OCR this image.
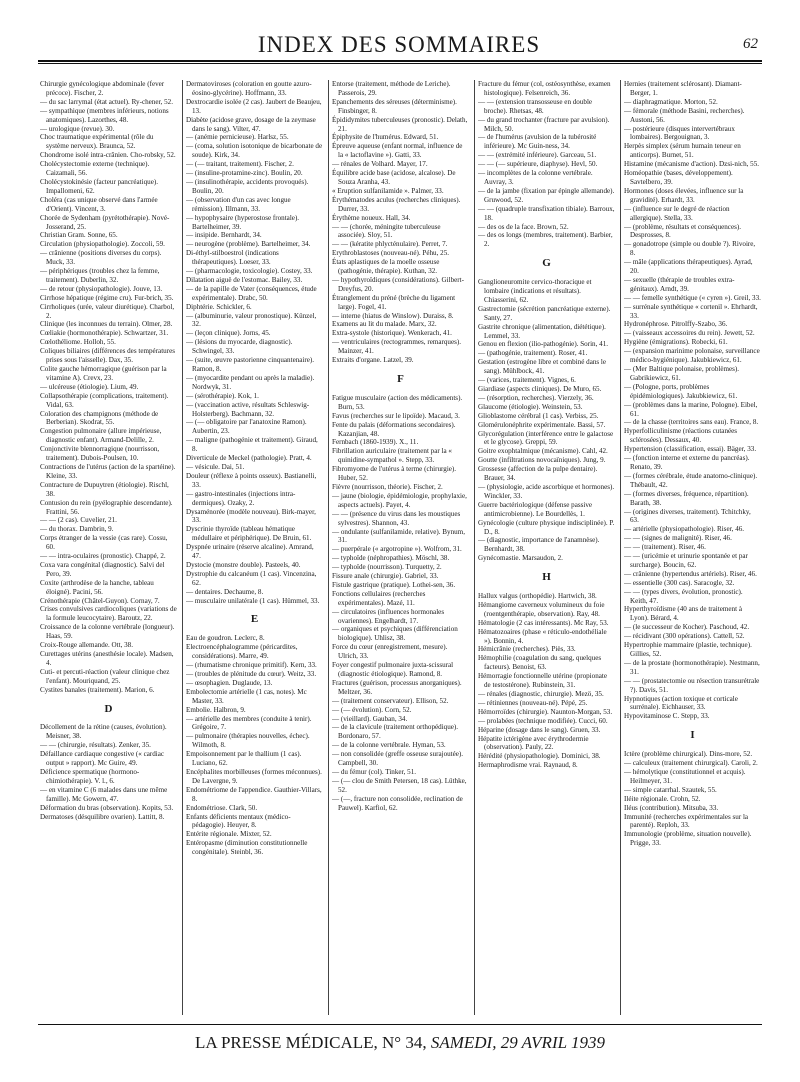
INDEX DES SOMMAIRES	62

Chirurgie gynécologique abdominale (fever précoce). Fischer, 2.

— du sac larrymal (état actuel). Ry-chener, 52.

— sympathique (membres inférieurs, notions anatomiques). Lazorthes, 48.

— urologique (revue). 30.

Choc traumatique expérimental (rôle du système nerveux). Braunca, 52.

Chondrome isolé intra-crânien. Cho-robsky, 52.

Cholécystectomie externe (technique). Caizamali, 56.

Cholécystokinésie (facteur pancréatique). Impallomeni, 62.

Choléra (cas unique observé dans l'armée d'Orient). Vincent, 3.

Chorée de Sydenham (pyrétothérapie). Nové-Josserand, 25.

Christian Gram. Sonne, 65.

Circulation (physiopathologie). Zoccoli, 59.

— crânienne (positions diverses du corps). Muck, 33.

— périphériques (troubles chez la femme, traitement). Duberlin, 32.

— de retour (physiopathologie). Jouve, 13.

Cirrhose hépatique (régime cru). Fur-brich, 35.

Cirrholiques (urée, valeur diurétique). Charbol, 2.

Clinique (les inconnues du terrain). Olmer, 28.

Cœliakie (hormonothérapie). Schwartzer, 31.

Cœlothéliome. Holloh, 55.

Coliques biliaires (différences des températures prises sous l'aisselle). Dax, 35.

Colite gauche hémorragique (guérison par la vitamine A). Crevx, 23.

— ulcéreuse (étiologie). Lium, 49.

Collapsothérapie (complications, traitement). Vidal, 63.

Coloration des champignons (méthode de Berberian). Skodrat, 55.

Congestion pulmonaire (allure impérieuse, diagnostic enfant). Armand-Delille, 2.

Conjonctivite blennorragique (nourrisson, traitement). Dubois-Poulsen, 10.

Contractions de l'utérus (action de la spartéine). Kleine, 33.

Contracture de Dupuytren (étiologie). Rischl, 38.

Contusion du rein (pyélographie descendante). Frattini, 56.

— — (2 cas). Cuvelier, 21.

— du thorax. Dambrin, 9.

Corps étranger de la vessie (cas rare). Cossu, 60.

— — intra-oculaires (pronostic). Chappé, 2.

Coxa vara congénital (diagnostic). Salvi del Pero, 39.

Coxite (arthrodèse de la hanche, tableau éloigné). Pacini, 56.

Crénothérapie (Châtel-Guyon). Cornay, 7.

Crises convulsives cardiocoliques (variations de la formule leucocytaire). Baroutz, 22.

Croissance de la colonne vertébrale (longueur). Haas, 59.

Croix-Rouge allemande. Ott, 38.

Curettages utérins (anesthésie locale). Madsen, 4.

Cuti- et percuti-réaction (valeur clinique chez l'enfant). Mouriquand, 25.

Cystites banales (traitement). Marion, 6.

D

Décollement de la rétine (causes, évolution). Meisner, 38.

— — (chirurgie, résultats). Zenker, 35.

Défaillance cardiaque congestive (« cardiac output » rapport). Mc Guire, 49.

Déficience spermatique (hormono-chimiothérapie). V. l., 6.

— en vitamine C (6 malades dans une même famille). Mc Gowern, 47.

Déformation du bras (observation). Kopits, 53.

Dermatoses (désquilibre ovarien). Lattitt, 8.

Dermatoviroses (coloration en goutte azuro-éosino-glycérine). Hoffmann, 33.

Dextrocardie isolée (2 cas). Jaubert de Beaujeu, 13.

Diabète (acidose grave, dosage de la zeymase dans le sang). Vilter, 47.

— (anémie pernicieuse). Harlsz, 55.

— (coma, solution isotonique de bicarbonate de soude). Kirk, 34.

— (— traitant, traitement). Fischer, 2.

— (insuline-protamine-zinc). Boulin, 20.

— (insulinothérapie, accidents provoqués). Boulin, 20.

— (observation d'un cas avec longue rémission). Illmann, 33.

— hypophysaire (hyperostose frontale). Bartelheimer, 39.

— insipide. Bernhardt, 34.

— neurogène (problème). Bartelheimer, 34.

Di-éthyl-stilboestrol (indications thérapeutiques). Loeser, 33.

— (pharmacologie, toxicologie). Costey, 33.

Dilatation aiguë de l'estomac. Bailey, 33.

— de la papille de Vater (conséquences, étude expérimentale). Drabc, 50.

Diphtérie. Schickler, 6.

— (albuminurie, valeur pronostique). Künzel, 32.

— (leçon clinique). Jorns, 45.

— (lésions du myocarde, diagnostic). Schwingel, 33.

— (suite, œuvre pastorienne cinquantenaire). Ramon, 8.

— (myocardite pendant ou après la maladie). Nordwyk, 31.

— (sérothérapie). Kok, 1.

— (vaccination active, résultats Schleswig-Holsterberg). Bachmann, 32.

— (— obligatoire par l'anatoxine Ramon). Aubertin, 23.

— maligne (pathogénie et traitement). Giraud, 8.

Diverticule de Meckel (pathologie). Pratt, 4.

— vésicule. Dai, 51.

Douleur (réflexe à points osseux). Bastianelli, 33.

— gastro-intestinales (injections intra-dermiques). Ozaky, 2.

Dysaménorée (modèle nouveau). Birk-mayer, 33.

Dyscrinie thyroïde (tableau hématique médullaire et périphérique). De Bruin, 61.

Dyspnée urinaire (réserve alcaline). Amrand, 47.

Dystocie (monstre double). Pasteels, 40.

Dystrophie du calcanéum (1 cas). Vincenzina, 62.

— dentaires. Dechaume, 8.

— musculaire unilatérale (1 cas). Hümmel, 33.

E

Eau de goudron. Leclerc, 8.

Electroencéphalogramme (péricardites, considérations). Marre, 49.

— (rhumatisme chronique primitif). Kern, 33.

— (troubles de plénitude du cœur). Weitz, 33.

— œsophagien. Duglaude, 13.

Embolectomie artérielle (1 cas, notes). Mc Master, 33.

Embolie. Halbron, 9.

— artérielle des membres (conduite à tenir). Grégoire, 7.

— pulmonaire (thérapies nouvelles, échec). Wilmoth, 8.

Empoisonnement par le thallium (1 cas). Luciano, 62.

Encéphalites morbilleuses (formes méconnues). De Lavergne, 9.

Endométriome de l'appendice. Gauthier-Villars, 8.

Endométriose. Clark, 50.

Enfants déficients mentaux (médico-pédagogie). Heuyer, 8.

Entérite régionale. Mixter, 52.

Entéropasme (diminution constitutionnelle congénitale). Steinbl, 36.

Entorse (traitement, méthode de Leriche). Passerois, 29.

Epanchements des séreuses (déterminisme). Finsbinger, 8.

Épididymites tuberculeuses (pronostic). Delath, 21.

Épiphysite de l'humérus. Edward, 51.

Épreuve aqueuse (enfant normal, influence de la « lactoflavine »). Gatti, 33.

— rénales de Volhard. Mayer, 17.

Équilibre acide base (acidose, alcalose). De Souza Aranha, 43.

« Eruption sulfanilamide ». Palmer, 33.

Érythématodes aculus (recherches cliniques). Durrer, 33.

Érythème noueux. Hall, 34.

— — (chorée, méningite tuberculeuse associée). Sloy, 51.

— — (kératite phlycténulaire). Perret, 7.

Erythroblastoses (nouveau-né). Péhu, 25.

États aplastiques de la moelle osseuse (pathogénie, thérapie). Kuthan, 32.

— hypothyroïdiques (considérations). Gilbert-Dreyfus, 20.

Étranglement du préné (brèche du ligament large). Fogel, 41.

— interne (hiatus de Winslow). Duraiss, 8.

Examens au lit du malade. Marx, 32.

Extra-systole (historique). Wenkerach, 41.

— ventriculaires (rectogrammes, remarques). Mainzer, 41.

Extraits d'organe. Latzel, 39.

F

Fatigue musculaire (action des médicaments). Burn, 53.

Favus (recherches sur le lipoïde). Macaud, 3.

Fente du palais (déformations secondaires). Kazanjian, 48.

Fernbach (1860-1939). X., 11.

Fibrillation auriculaire (traitement par la « quinidine-sympathol ». Stepp, 33.

Fibromyome de l'utérus à terme (chirurgie). Huber, 52.

Fièvre (nourrisson, théorie). Fischer, 2.

— jaune (biologie, épidémiologie, prophylaxie, aspects actuels). Payet, 4.

— — (présence du virus dans les moustiques sylvestres). Shannon, 43.

— ondulante (sulfanilamide, relative). Bynum, 31.

— puerpérale (« argotropine »). Wolfrom, 31.

— typhoïde (néphropathies). Möschl, 38.

— typhoïde (nourrisson). Turquetty, 2.

Fissure anale (chirurgie). Gabriel, 33.

Fistule gastrique (pratique). Lothei-sen, 36.

Fonctions cellulaires (recherches expérimentales). Mazé, 11.

— circulatoires (influences hormonales ovariennes). Engelhardt, 17.

— organiques et psychiques (différenciation biologique). Uhlisz, 38.

Force du cœur (enregistrement, mesure). Ulrich, 33.

Foyer congestif pulmonaire juxta-scissural (diagnostic étiologique). Ramond, 8.

Fractures (guérison, processus anorganiques). Meltzer, 36.

— (traitement conservateur). Ellison, 52.

— (— évolution). Corn, 52.

— (vieillard). Gauban, 34.

— de la clavicule (traitement orthopédique). Bordonaro, 57.

— de la colonne vertébrale. Hyman, 53.

— non consolidée (greffe osseuse surajoutée). Campbell, 30.

— du fémur (col). Tinker, 51.

— (— clou de Smith Petersen, 18 cas). Lüthke, 52.

— (—, fracture non consolidée, reclination de Pauwel). Karfiol, 62.

Fracture du fémur (col, ostéosynthèse, examen histologique). Felsenreich, 36.

— — (extension transosseuse en double broche). Rhetsas, 48.

— du grand trochanter (fracture par avulsion). Milch, 50.

— de l'humérus (avulsion de la tubérosité inférieure). Mc Guin-ness, 34.

— — (extrémité inférieure). Garceau, 51.

— — (— supérieure, diaphyse). Hevl, 50.

— incomplètes de la colonne vertébrale. Auvray, 3.

— de la jambe (fixation par épingle allemande). Gruwood, 52.

— — (quadruple transfixation tibiale). Barroux, 18.

— des os de la face. Brown, 52.

— des os longs (membres, traitement). Barbier, 2.

G

Ganglioneuromite cervico-thoracique et lombaire (indications et résultats). Chiasserini, 62.

Gastrectomie (sécrétion pancréatique externe). Santy, 27.

Gastrite chronique (alimentation, diététique). Lemmel, 33.

Genou en flexion (ilio-pathogénie). Sorin, 41.

— (pathogénie, traitement). Roser, 41.

Gestation (estrogène libre et combiné dans le sang). Mühlbock, 41.

— (varices, traitement). Vignes, 6.

Giardiase (aspects cliniques). De Muro, 65.

— (résorption, recherches). Vierzely, 36.

Glaucome (étiologie). Weinstein, 53.

Glioblastome cérébral (1 cas). Verbiss, 25.

Glomérulonéphrite expérimentale. Bassi, 57.

Glycorégulation (interférence entre le galactose et le glycose). Greppi, 59.

Goitre exophtalmique (mécanisme). Cahl, 42.

Goutte (infiltrations novocaïniques). Jung, 9.

Grossesse (affection de la pulpe dentaire). Brauer, 34.

— (physiologie, acide ascorbique et hormones). Winckler, 33.

Guerre bactériologique (défense passive antimicrobienne). Le Bourdellès, 1.

Gynécologie (culture physique indisciplinée). P. D., 8.

— (diagnostic, importance de l'anamnèse). Bernhardt, 38.

Gynécomastie. Marsaudon, 2.

H

Hallux valgus (orthopédie). Hartwich, 38.

Hémangiome caverneux volumineux du foie (roentgenthérapie, observation). Ray, 48.

Hématologie (2 cas intéressants). Mc Ray, 53.

Hématozoaires (phase « réticulo-endothéliale »). Bonnin, 4.

Hémicrânie (recherches). Piès, 33.

Hémophilie (coagulation du sang, quelques facteurs). Benoist, 63.

Hémorragie fonctionnelle utérine (propionate de testostérone). Rubinstein, 31.

— rénales (diagnostic, chirurgie). Mezö, 35.

— rétiniennes (nouveau-né). Pépé, 25.

Hémorroïdes (chirurgie). Naunton-Morgan, 53.

— prolabées (technique modifiée). Cucci, 60.

Héparine (dosage dans le sang). Gruen, 33.

Hépatite ictérigène avec érythrodermie (observation). Pauly, 22.

Hérédité (physiopathologie). Dominici, 38.

Hermaphrodisme vrai. Raynaud, 8.

Hernies (traitement sclérosant). Diamant-Berger, 1.

— diaphragmatique. Morton, 52.

— fémorale (méthode Basini, recherches). Austoni, 56.

— postérieure (disques intervertébraux lombaires). Bergouignan, 3.

Herpès simplex (sérum humain teneur en anticorps). Burnet, 51.

Histamine (mécanisme d'action). Dzsi-nich, 55.

Homéopathie (bases, développement). Savtelbero, 39.

Hormones (doses élevées, influence sur la gravidité). Erhardt, 33.

— (influence sur le degré de réaction allergique). Stella, 33.

— (problème, résultats et conséquences). Desprosses, 8.

— gonadotrope (simple ou double ?). Rivoire, 8.

— mâle (applications thérapeutiques). Ayrad, 20.

— sexuelle (thérapie de troubles extra-génitaux). Arndt, 39.

— — femelle synthétique (« cyren »). Greil, 33.

— surrénale synthétique « cortenil ». Ehrhardt, 33.

Hydronéphrose. Pitrolffy-Szabo, 36.

— (vaisseaux accessoires du rein). Jewett, 52.

Hygiène (émigrations). Robecki, 61.

— (expansion marinime polonaise, surveillance médico-hygiénique). Jakubkiewicz, 61.

— (Mer Baltique polonaise, problèmes). Gabrikiewicz, 61.

— (Pologne, ports, problèmes épidémiologiques). Jakubkiewicz, 61.

— (problèmes dans la marine, Pologne). Eibel, 61.

— de la chasse (territoires sans eau). France, 8.

Hyperfolliculinisme (réactions cutanées sclérosées). Dessaux, 40.

Hypertension (classification, essai). Bäger, 33.

— (fonction interne et externe du pancréas). Renato, 39.

— (formes cérébrale, étude anatomo-clinique). Thébault, 42.

— (formes diverses, fréquence, répartition). Barath, 38.

— (origines diverses, traitement). Tchitchky, 63.

— artérielle (physiopathologie). Riser, 46.

— — (signes de malignité). Riser, 46.

— — (traitement). Riser, 46.

— — (uricémie et urinurie spontanée et par surcharge). Boucin, 62.

— crânienne (hypertendus artériels). Riser, 46.

— essentielle (300 cas). Saracogle, 32.

— — (types divers, évolution, pronostic). Keith, 47.

Hyperthyroïdisme (40 ans de traitement à Lyon). Bérard, 4.

— (le successeur de Kocher). Paschoud, 42.

— récidivant (300 opérations). Cattell, 52.

Hypertrophie mammaire (plastie, technique). Gillies, 52.

— de la prostate (hormonothérapie). Nestmann, 31.

— — (prostatectomie ou résection transurétrale ?). Davis, 51.

Hypnotiques (action toxique et corticale surrénale). Eichhauser, 33.

Hypovitaminose C. Stepp, 33.

I

Ictère (problème chirurgical). Dins-more, 52.

— calculeux (traitement chirurgical). Caroli, 2.

— hémolytique (constitutionnel et acquis). Heilmeyer, 31.

— simple catarrhal. Szautek, 55.

Iléite régionale. Crohn, 52.

Iléus (contribution). Mitsuba, 33.

Immunité (recherches expérimentales sur la parenté). Reploh, 33.

Immunologie (problème, situation nouvelle). Prigge, 33.

LA PRESSE MÉDICALE, N° 34, SAMEDI, 29 AVRIL 1939
